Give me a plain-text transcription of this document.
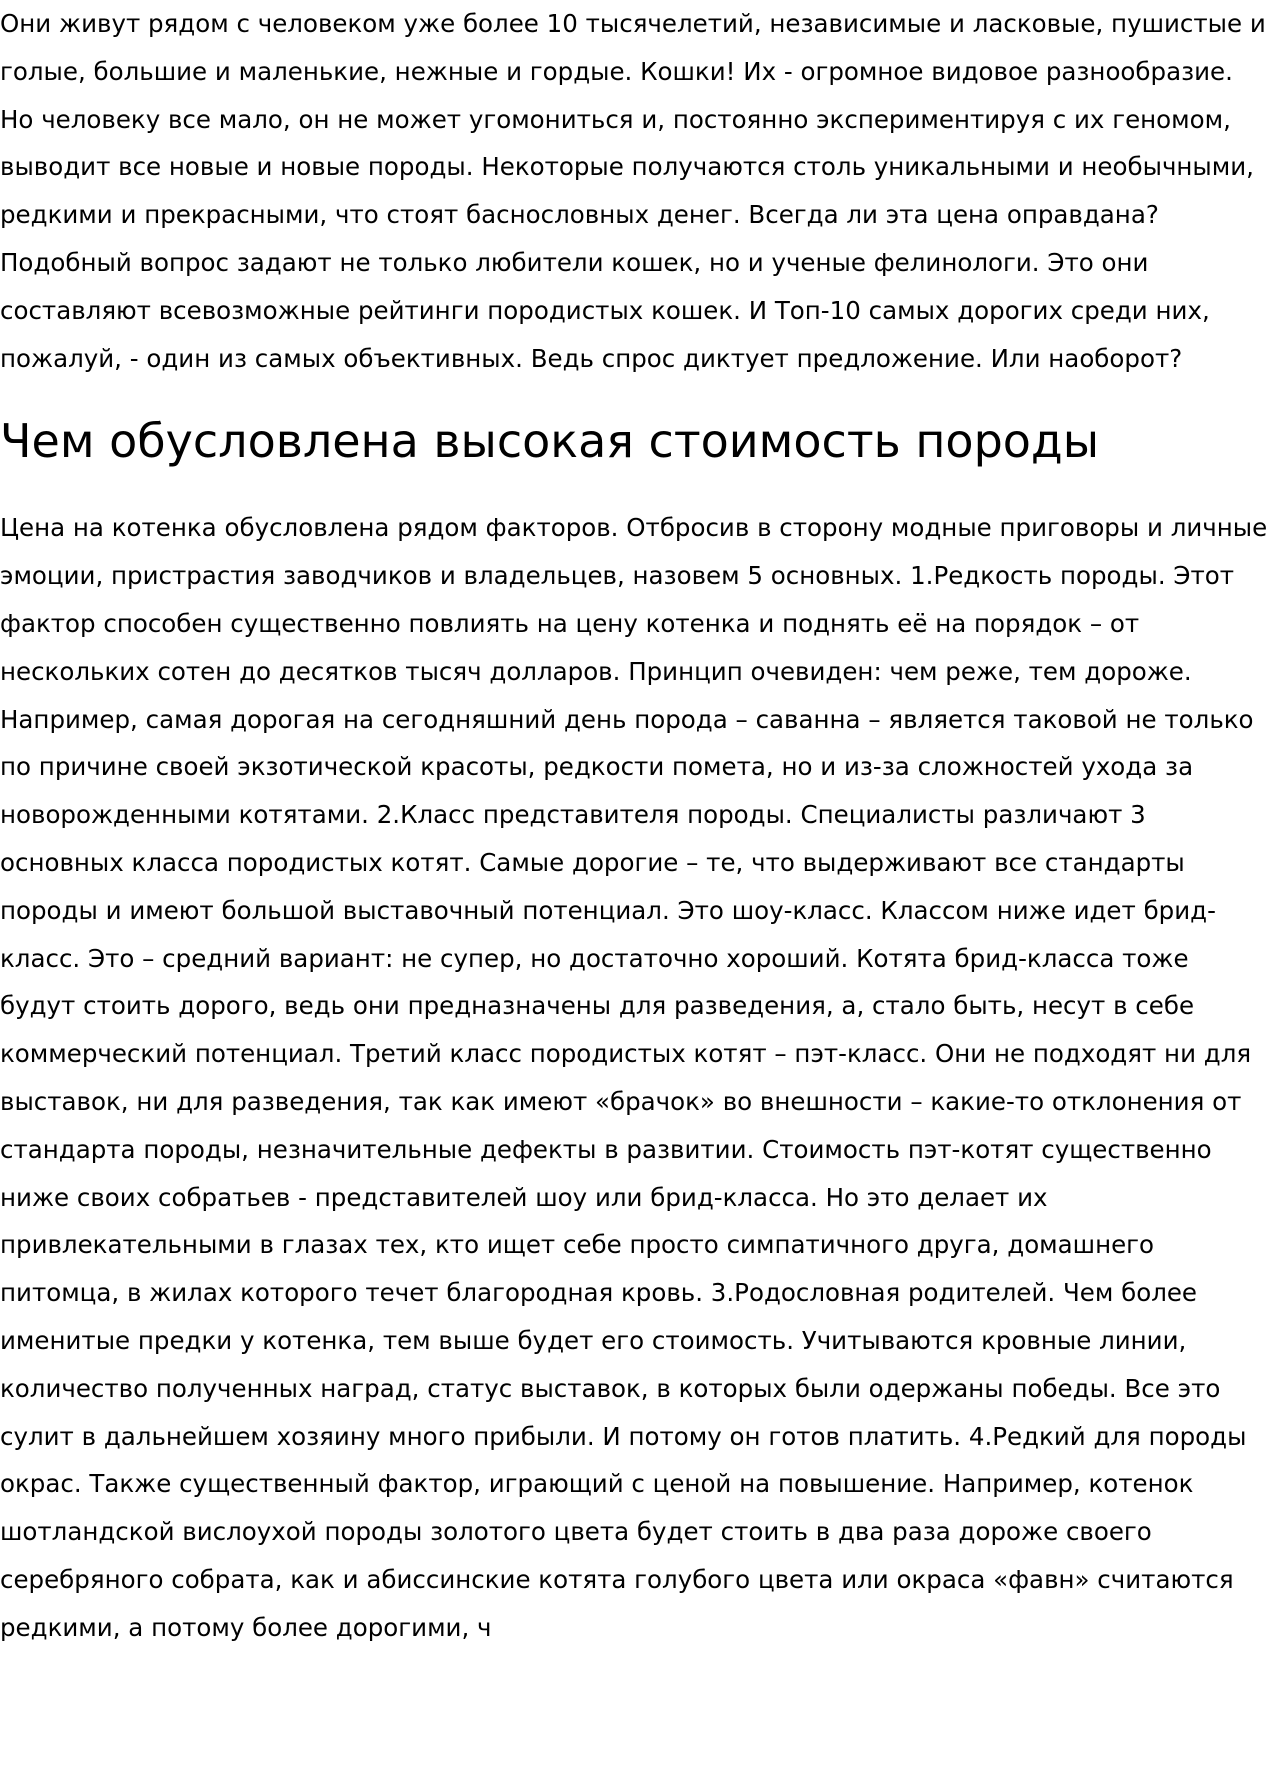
Они живут рядом с человеком уже более 10 тысячелетий, независимые и ласковые, пушистые и голые, большие и маленькие, нежные и гордые. Кошки! Их - огромное видовое разнообразие. Но человеку все мало, он не может угомониться и, постоянно экспериментируя с их геномом, выводит все новые и новые породы. Некоторые получаются столь уникальными и необычными, редкими и прекрасными, что стоят баснословных денег. Всегда ли эта цена оправдана? Подобный вопрос задают не только любители кошек, но и ученые фелинологи. Это они составляют всевозможные рейтинги породистых кошек. И Топ-10 самых дорогих среди них, пожалуй, - один из самых объективных. Ведь спрос диктует предложение. Или наоборот?

Чем обусловлена высокая стоимость породы

Цена на котенка обусловлена рядом факторов. Отбросив в сторону модные приговоры и личные эмоции, пристрастия заводчиков и владельцев, назовем 5 основных. 1.Редкость породы. Этот фактор способен существенно повлиять на цену котенка и поднять её на порядок – от нескольких сотен до десятков тысяч долларов. Принцип очевиден: чем реже, тем дороже. Например, самая дорогая на сегодняшний день порода – саванна – является таковой не только по причине своей экзотической красоты, редкости помета, но и из-за сложностей ухода за новорожденными котятами. 2.Класс представителя породы. Специалисты различают 3 основных класса породистых котят. Самые дорогие – те, что выдерживают все стандарты породы и имеют большой выставочный потенциал. Это шоу-класс. Классом ниже идет брид-класс. Это – средний вариант: не супер, но достаточно хороший. Котята брид-класса тоже будут стоить дорого, ведь они предназначены для разведения, а, стало быть, несут в себе коммерческий потенциал. Третий класс породистых котят – пэт-класс. Они не подходят ни для выставок, ни для разведения, так как имеют «брачок» во внешности – какие-то отклонения от стандарта породы, незначительные дефекты в развитии. Стоимость пэт-котят существенно ниже своих собратьев - представителей шоу или брид-класса. Но это делает их привлекательными в глазах тех, кто ищет себе просто симпатичного друга, домашнего питомца, в жилах которого течет благородная кровь. 3.Родословная родителей. Чем более именитые предки у котенка, тем выше будет его стоимость. Учитываются кровные линии, количество полученных наград, статус выставок, в которых были одержаны победы. Все это сулит в дальнейшем хозяину много прибыли. И потому он готов платить. 4.Редкий для породы окрас. Также существенный фактор, играющий с ценой на повышение. Например, котенок шотландской вислоухой породы золотого цвета будет стоить в два раза дороже своего серебряного собрата, как и абиссинские котята голубого цвета или окраса «фавн» считаются редкими, а потому более дорогими, ч
